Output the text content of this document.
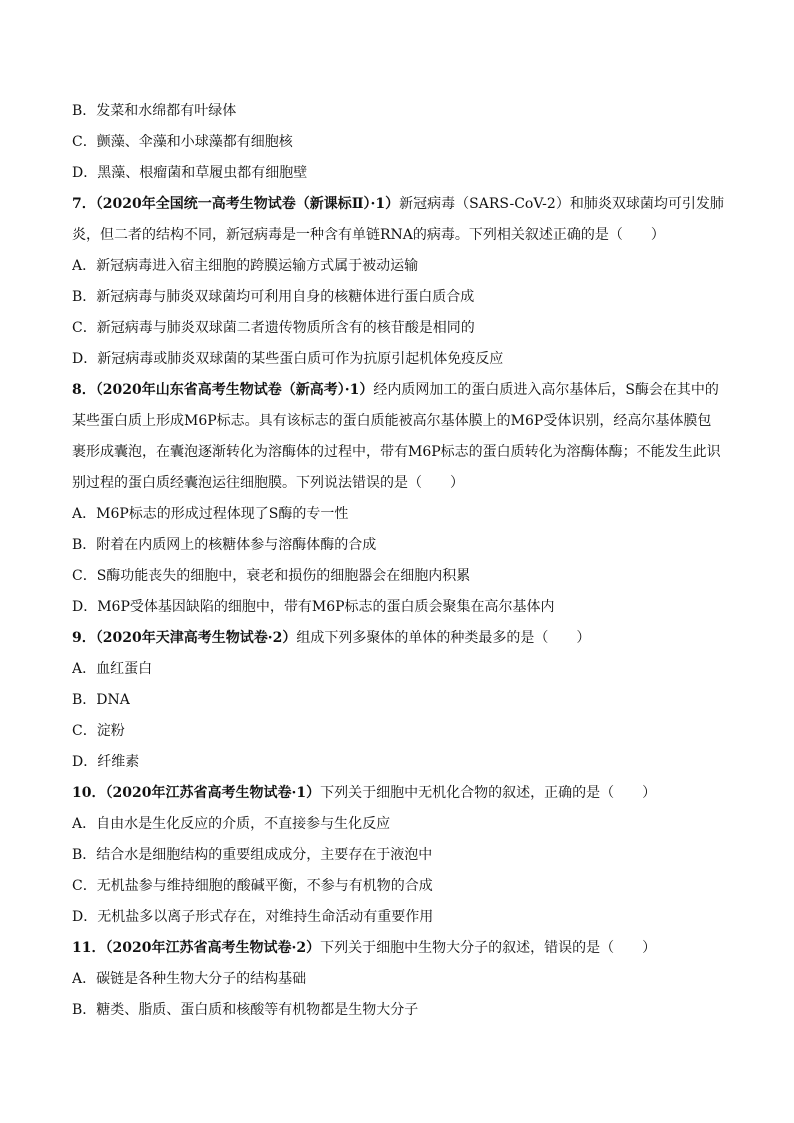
B．发菜和水绵都有叶绿体
C．颤藻、伞藻和小球藻都有细胞核
D．黑藻、根瘤菌和草履虫都有细胞壁
7．（2020年全国统一高考生物试卷（新课标Ⅱ）·1）新冠病毒（SARS-CoV-2）和肺炎双球菌均可引发肺
炎，但二者的结构不同，新冠病毒是一种含有单链RNA的病毒。下列相关叙述正确的是（　　）
A．新冠病毒进入宿主细胞的跨膜运输方式属于被动运输
B．新冠病毒与肺炎双球菌均可利用自身的核糖体进行蛋白质合成
C．新冠病毒与肺炎双球菌二者遗传物质所含有的核苷酸是相同的
D．新冠病毒或肺炎双球菌的某些蛋白质可作为抗原引起机体免疫反应
8．（2020年山东省高考生物试卷（新高考）·1）经内质网加工的蛋白质进入高尔基体后，S酶会在其中的
某些蛋白质上形成M6P标志。具有该标志的蛋白质能被高尔基体膜上的M6P受体识别，经高尔基体膜包
裹形成囊泡，在囊泡逐渐转化为溶酶体的过程中，带有M6P标志的蛋白质转化为溶酶体酶；不能发生此识
别过程的蛋白质经囊泡运往细胞膜。下列说法错误的是（　　）
A．M6P标志的形成过程体现了S酶的专一性
B．附着在内质网上的核糖体参与溶酶体酶的合成
C．S酶功能丧失的细胞中，衰老和损伤的细胞器会在细胞内积累
D．M6P受体基因缺陷的细胞中，带有M6P标志的蛋白质会聚集在高尔基体内
9．（2020年天津高考生物试卷·2）组成下列多聚体的单体的种类最多的是（　　）
A．血红蛋白
B．DNA
C．淀粉
D．纤维素
10．（2020年江苏省高考生物试卷·1）下列关于细胞中无机化合物的叙述，正确的是（　　）
A．自由水是生化反应的介质，不直接参与生化反应
B．结合水是细胞结构的重要组成成分，主要存在于液泡中
C．无机盐参与维持细胞的酸碱平衡，不参与有机物的合成
D．无机盐多以离子形式存在，对维持生命活动有重要作用
11．（2020年江苏省高考生物试卷·2）下列关于细胞中生物大分子的叙述，错误的是（　　）
A．碳链是各种生物大分子的结构基础
B．糖类、脂质、蛋白质和核酸等有机物都是生物大分子
